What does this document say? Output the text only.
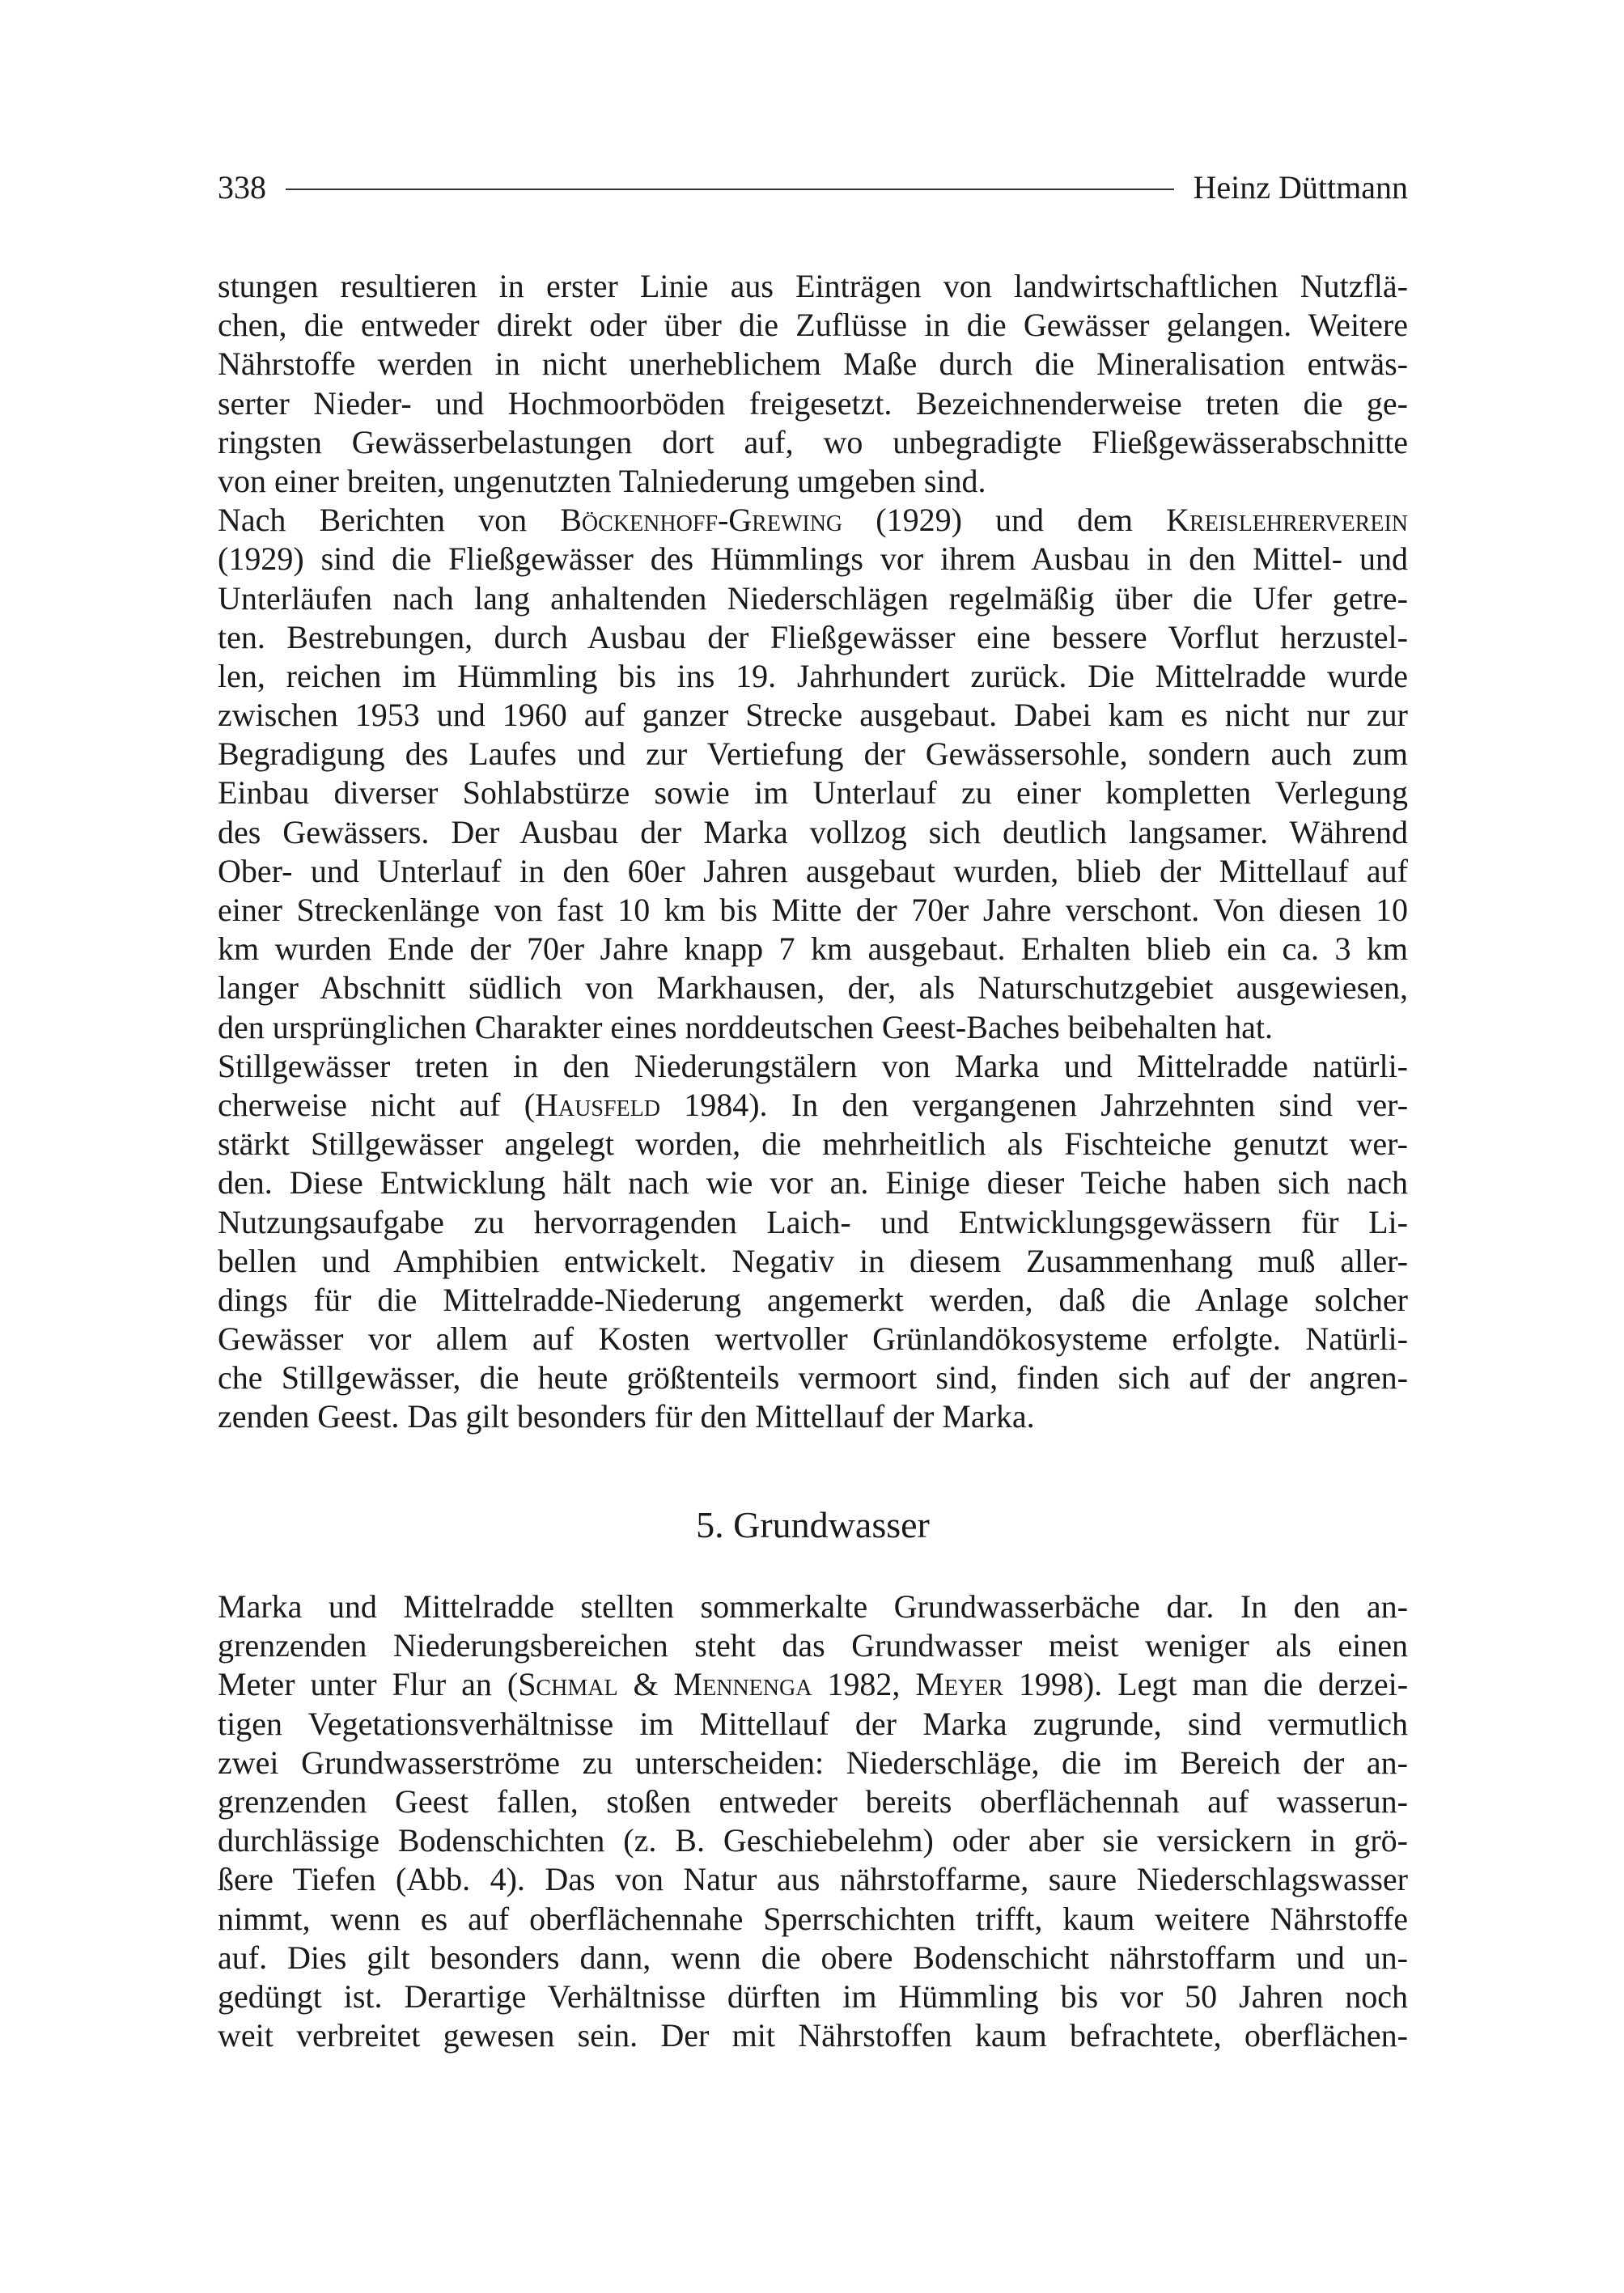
338	Heinz Düttmann
stungen resultieren in erster Linie aus Einträgen von landwirtschaftlichen Nutzflä-
chen, die entweder direkt oder über die Zuflüsse in die Gewässer gelangen. Weitere
Nährstoffe werden in nicht unerheblichem Maße durch die Mineralisation entwäs-
serter Nieder- und Hochmoorböden freigesetzt. Bezeichnenderweise treten die ge-
ringsten Gewässerbelastungen dort auf, wo unbegradigte Fließgewässerabschnitte
von einer breiten, ungenutzten Talniederung umgeben sind.
Nach Berichten von Böckenhoff-Grewing (1929) und dem Kreislehrerverein
(1929) sind die Fließgewässer des Hümmlings vor ihrem Ausbau in den Mittel- und
Unterläufen nach lang anhaltenden Niederschlägen regelmäßig über die Ufer getre-
ten. Bestrebungen, durch Ausbau der Fließgewässer eine bessere Vorflut herzustel-
len, reichen im Hümmling bis ins 19. Jahrhundert zurück. Die Mittelradde wurde
zwischen 1953 und 1960 auf ganzer Strecke ausgebaut. Dabei kam es nicht nur zur
Begradigung des Laufes und zur Vertiefung der Gewässersohle, sondern auch zum
Einbau diverser Sohlabstürze sowie im Unterlauf zu einer kompletten Verlegung
des Gewässers. Der Ausbau der Marka vollzog sich deutlich langsamer. Während
Ober- und Unterlauf in den 60er Jahren ausgebaut wurden, blieb der Mittellauf auf
einer Streckenlänge von fast 10 km bis Mitte der 70er Jahre verschont. Von diesen 10
km wurden Ende der 70er Jahre knapp 7 km ausgebaut. Erhalten blieb ein ca. 3 km
langer Abschnitt südlich von Markhausen, der, als Naturschutzgebiet ausgewiesen,
den ursprünglichen Charakter eines norddeutschen Geest-Baches beibehalten hat.
Stillgewässer treten in den Niederungstälern von Marka und Mittelradde natürli-
cherweise nicht auf (Hausfeld 1984). In den vergangenen Jahrzehnten sind ver-
stärkt Stillgewässer angelegt worden, die mehrheitlich als Fischteiche genutzt wer-
den. Diese Entwicklung hält nach wie vor an. Einige dieser Teiche haben sich nach
Nutzungsaufgabe zu hervorragenden Laich- und Entwicklungsgewässern für Li-
bellen und Amphibien entwickelt. Negativ in diesem Zusammenhang muß aller-
dings für die Mittelradde-Niederung angemerkt werden, daß die Anlage solcher
Gewässer vor allem auf Kosten wertvoller Grünlandökosysteme erfolgte. Natürli-
che Stillgewässer, die heute größtenteils vermoort sind, finden sich auf der angren-
zenden Geest. Das gilt besonders für den Mittellauf der Marka.
5. Grundwasser
Marka und Mittelradde stellten sommerkalte Grundwasserbäche dar. In den an-
grenzenden Niederungsbereichen steht das Grundwasser meist weniger als einen
Meter unter Flur an (Schmal & Mennenga 1982, Meyer 1998). Legt man die derzei-
tigen Vegetationsverhältnisse im Mittellauf der Marka zugrunde, sind vermutlich
zwei Grundwasserströme zu unterscheiden: Niederschläge, die im Bereich der an-
grenzenden Geest fallen, stoßen entweder bereits oberflächennah auf wasserun-
durchlässige Bodenschichten (z. B. Geschiebelehm) oder aber sie versickern in grö-
ßere Tiefen (Abb. 4). Das von Natur aus nährstoffarme, saure Niederschlagswasser
nimmt, wenn es auf oberflächennahe Sperrschichten trifft, kaum weitere Nährstoffe
auf. Dies gilt besonders dann, wenn die obere Bodenschicht nährstoffarm und un-
gedüngt ist. Derartige Verhältnisse dürften im Hümmling bis vor 50 Jahren noch
weit verbreitet gewesen sein. Der mit Nährstoffen kaum befrachtete, oberflächen-
